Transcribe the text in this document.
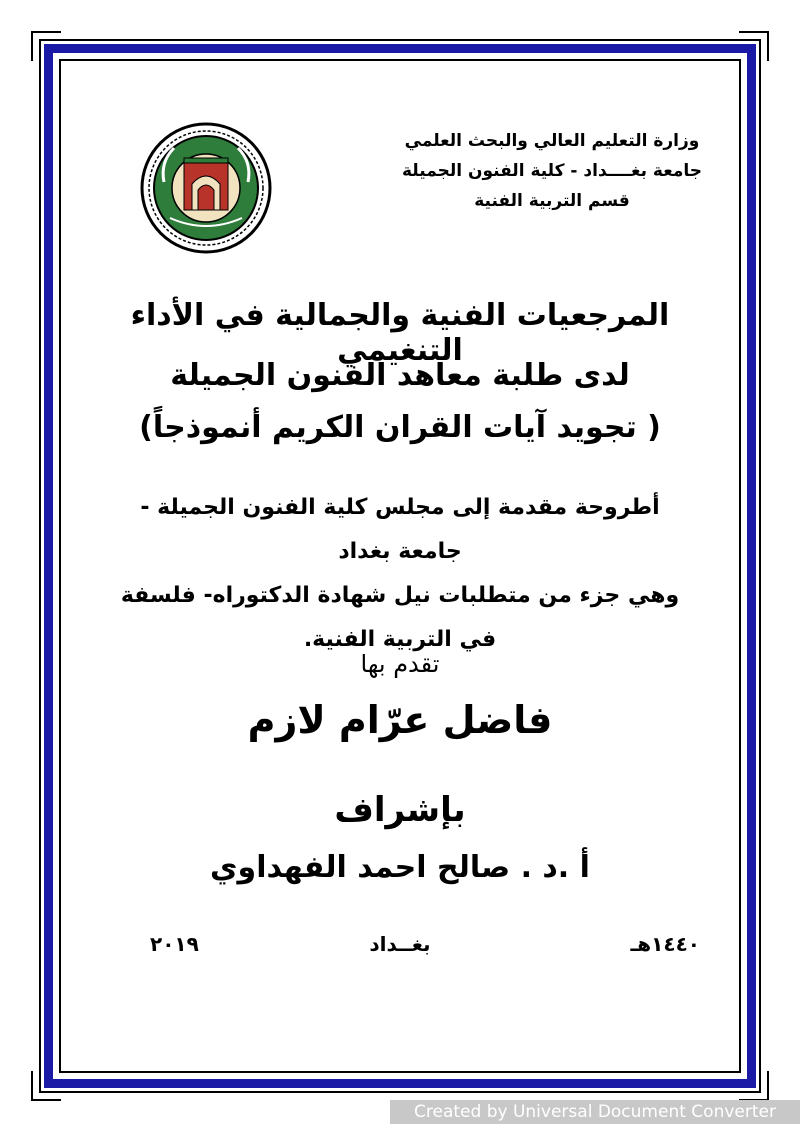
وزارة التعليم العالي والبحث العلمي
جامعة بغــــداد - كلية الفنون الجميلة
قسم التربية الفنية
المرجعيات الفنية والجمالية في الأداء التنغيمي
لدى طلبة معاهد الفنون الجميلة
( تجويد آيات القران الكريم أنموذجاً)
أطروحة مقدمة إلى مجلس كلية الفنون الجميلة - جامعة بغداد
وهي جزء من متطلبات نيل شهادة الدكتوراه- فلسفة في التربية الفنية.
تقدم بها
فاضل عرّام لازم
بإشراف
أ .د . صالح احمد الفهداوي
١٤٤٠هـ
بغــداد
٢٠١٩
Created by Universal Document Converter
